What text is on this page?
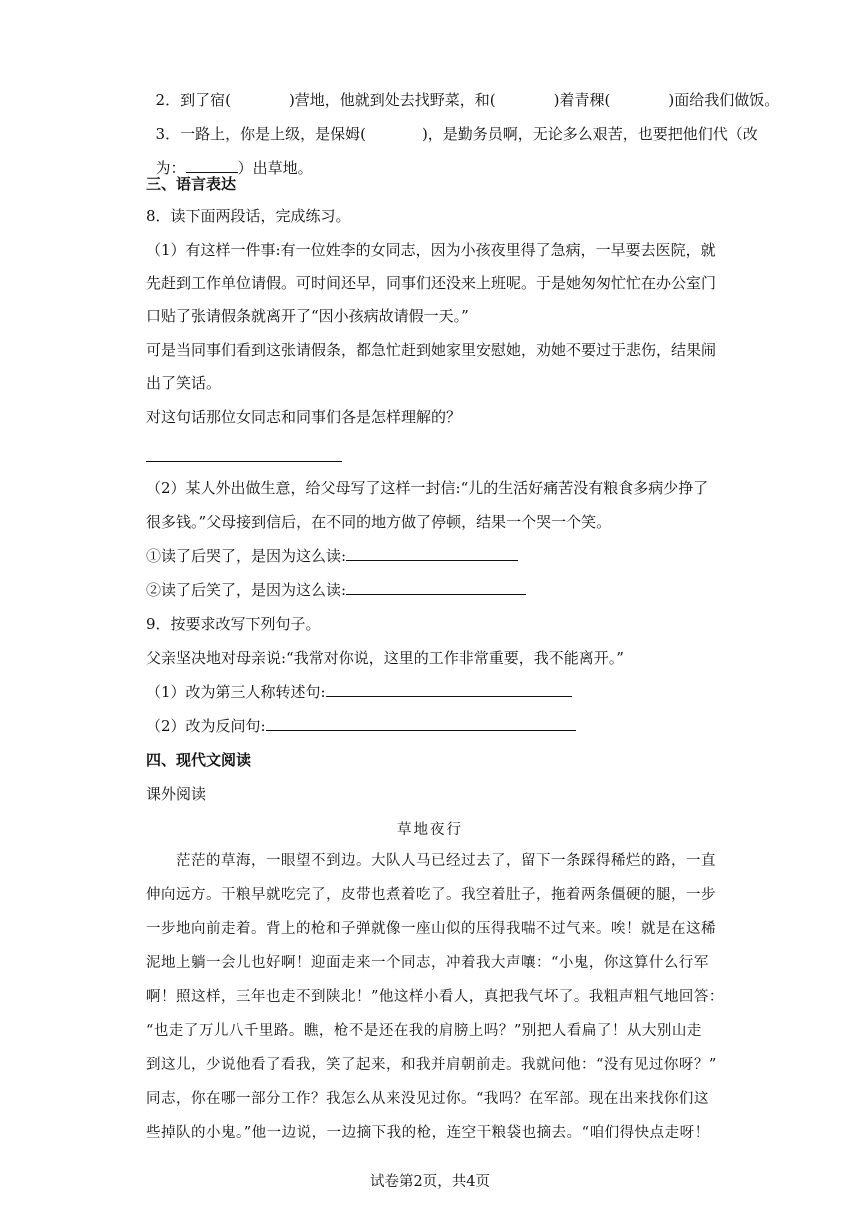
2．到了宿(	)营地，他就到处去找野菜，和(	)着青稞(	)面给我们做饭。

3．一路上，你是上级，是保姆(	)，是勤务员啊，无论多么艰苦，也要把他们代（改

为：	）出草地。

三、语言表达
8．读下面两段话，完成练习。
（1）有这样一件事:有一位姓李的女同志，因为小孩夜里得了急病，一早要去医院，就
先赶到工作单位请假。可时间还早，同事们还没来上班呢。于是她匆匆忙忙在办公室门
口贴了张请假条就离开了“因小孩病故请假一天。”
可是当同事们看到这张请假条，都急忙赶到她家里安慰她，劝她不要过于悲伤，结果闹
出了笑话。
对这句话那位女同志和同事们各是怎样理解的？
（2）某人外出做生意，给父母写了这样一封信:“儿的生活好痛苦没有粮食多病少挣了
很多钱。”父母接到信后，在不同的地方做了停顿，结果一个哭一个笑。
①读了后哭了，是因为这么读:
②读了后笑了，是因为这么读:
9．按要求改写下列句子。
父亲坚决地对母亲说:“我常对你说，这里的工作非常重要，我不能离开。”
（1）改为第三人称转述句:
（2）改为反问句:
四、现代文阅读
课外阅读
草地夜行
　　茫茫的草海，一眼望不到边。大队人马已经过去了，留下一条踩得稀烂的路，一直
伸向远方。干粮早就吃完了，皮带也煮着吃了。我空着肚子，拖着两条僵硬的腿，一步
一步地向前走着。背上的枪和子弹就像一座山似的压得我喘不过气来。唉！就是在这稀
泥地上躺一会儿也好啊！迎面走来一个同志，冲着我大声嚷：“小鬼，你这算什么行军
啊！照这样，三年也走不到陕北！”他这样小看人，真把我气坏了。我粗声粗气地回答：
“也走了万儿八千里路。瞧，枪不是还在我的肩膀上吗？”别把人看扁了！从大别山走
到这儿，少说他看了看我，笑了起来，和我并肩朝前走。我就问他：“没有见过你呀？”
同志，你在哪一部分工作？我怎么从来没见过你。“我吗？在军部。现在出来找你们这
些掉队的小鬼。”他一边说，一边摘下我的枪，连空干粮袋也摘去。“咱们得快点走呀！
试卷第2页，共4页
